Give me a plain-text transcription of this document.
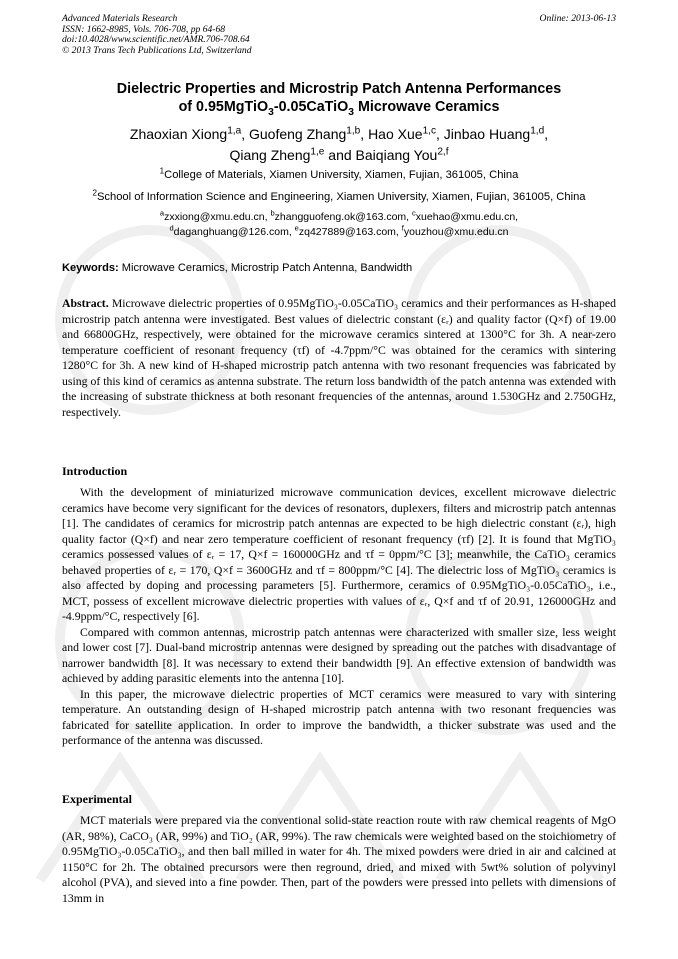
Advanced Materials Research
ISSN: 1662-8985, Vols. 706-708, pp 64-68
doi:10.4028/www.scientific.net/AMR.706-708.64
© 2013 Trans Tech Publications Ltd, Switzerland
Online: 2013-06-13
Dielectric Properties and Microstrip Patch Antenna Performances
of 0.95MgTiO$_3$-0.05CaTiO$_3$ Microwave Ceramics
Zhaoxian Xiong$^{1,a}$, Guofeng Zhang$^{1,b}$, Hao Xue$^{1,c}$, Jinbao Huang$^{1,d}$,
Qiang Zheng$^{1,e}$ and Baiqiang You$^{2,f}$
$^1$College of Materials, Xiamen University, Xiamen, Fujian, 361005, China
$^2$School of Information Science and Engineering, Xiamen University, Xiamen, Fujian, 361005, China
$^a$zxxiong@xmu.edu.cn, $^b$zhangguofeng.ok@163.com, $^c$xuehao@xmu.edu.cn,
$^d$daganghuang@126.com, $^e$zq427889@163.com, $^f$youzhou@xmu.edu.cn
Keywords: Microwave Ceramics, Microstrip Patch Antenna, Bandwidth

Abstract. Microwave dielectric properties of 0.95MgTiO₃-0.05CaTiO₃ ceramics and their performances as H-shaped microstrip patch antenna were investigated. Best values of dielectric constant (εᵣ) and quality factor (Q×f) of 19.00 and 66800GHz, respectively, were obtained for the microwave ceramics sintered at 1300°C for 3h. A near-zero temperature coefficient of resonant frequency (τf) of -4.7ppm/°C was obtained for the ceramics with sintering 1280°C for 3h. A new kind of H-shaped microstrip patch antenna with two resonant frequencies was fabricated by using of this kind of ceramics as antenna substrate. The return loss bandwidth of the patch antenna was extended with the increasing of substrate thickness at both resonant frequencies of the antennas, around 1.530GHz and 2.750GHz, respectively.

Introduction

With the development of miniaturized microwave communication devices, excellent microwave dielectric ceramics have become very significant for the devices of resonators, duplexers, filters and microstrip patch antennas [1]. The candidates of ceramics for microstrip patch antennas are expected to be high dielectric constant (εᵣ), high quality factor (Q×f) and near zero temperature coefficient of resonant frequency (τf) [2]. It is found that MgTiO₃ ceramics possessed values of εᵣ = 17, Q×f = 160000GHz and τf = 0ppm/°C [3]; meanwhile, the CaTiO₃ ceramics behaved properties of εᵣ = 170, Q×f = 3600GHz and τf = 800ppm/°C [4]. The dielectric loss of MgTiO₃ ceramics is also affected by doping and processing parameters [5]. Furthermore, ceramics of 0.95MgTiO₃-0.05CaTiO₃, i.e., MCT, possess of excellent microwave dielectric properties with values of εᵣ, Q×f and τf of 20.91, 126000GHz and -4.9ppm/°C, respectively [6].

Compared with common antennas, microstrip patch antennas were characterized with smaller size, less weight and lower cost [7]. Dual-band microstrip antennas were designed by spreading out the patches with disadvantage of narrower bandwidth [8]. It was necessary to extend their bandwidth [9]. An effective extension of bandwidth was achieved by adding parasitic elements into the antenna [10].

In this paper, the microwave dielectric properties of MCT ceramics were measured to vary with sintering temperature. An outstanding design of H-shaped microstrip patch antenna with two resonant frequencies was fabricated for satellite application. In order to improve the bandwidth, a thicker substrate was used and the performance of the antenna was discussed.

Experimental

MCT materials were prepared via the conventional solid-state reaction route with raw chemical reagents of MgO (AR, 98%), CaCO₃ (AR, 99%) and TiO₂ (AR, 99%). The raw chemicals were weighted based on the stoichiometry of 0.95MgTiO₃-0.05CaTiO₃, and then ball milled in water for 4h. The mixed powders were dried in air and calcined at 1150°C for 2h. The obtained precursors were then reground, dried, and mixed with 5wt% solution of polyvinyl alcohol (PVA), and sieved into a fine powder. Then, part of the powders were pressed into pellets with dimensions of 13mm in
